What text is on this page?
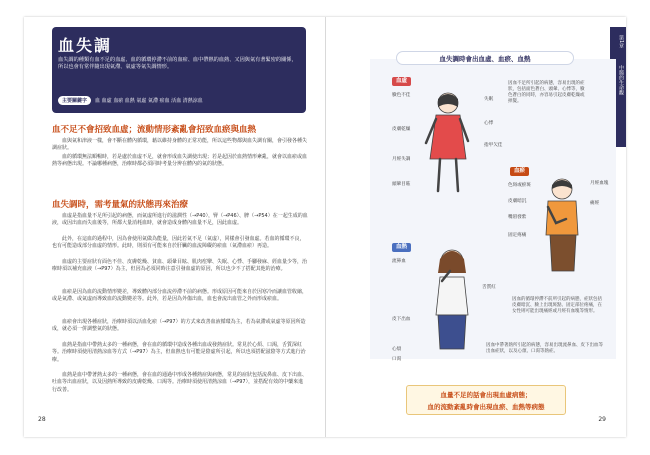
血失調
血失調的種類有血不足的血虛、血的循環停滯不前的血瘀、血中帶熱的血熱、又因與氣有著緊密的關係，所以也會有常伴隨出現氣滯、氣虛等氣失調情形。
主要關鍵字	血 血虛 血瘀 血熱 氣虛 氣滯 瘀血 活血 清熱涼血
血不足不會招致血虛；流動情形紊亂會招致血瘀與血熱
血與氣和津液一樣，會不斷在體內循環，藉以維持身體的正常功能，所以這些物都與血失調有關，會引發各種失調症狀。
血的循環無法順暢時，若是處於血虛不足，就會形成血失調使出現；若是起因於血熱情形紊亂，就會以血瘀或血熱等病態出現。不論哪種病態，治療時都必須同時考量分辨在體內的氣的狀態。
血失調時，需考量氣的狀態再來治療
血虛是指血量不足所引起的病態，而氣虛所進行的滋潤性（→P40），腎（→P46）、脾（→P54）在一起生成的血液，或因出血而失血後等，所都大量消耗血時，就會造成身體內血量不足，因此血虛。
此外，在這血的過程中，因為會使用氣做為能量，因此若氣不足（氣虛），同樣會引發血虛。若血的循環不良，也有可能造成部分血虛的情形。此時，則須有可能來自於肝臟的血流障礙的瘀血（氣滯血瘀）再造。
血虛的主要症狀有面色不佳、皮膚乾燥、貧血、頭暈目眩、肌肉痙攣、失眠、心悸、手腳發麻、經血量少等，治療時須以補充血液（→P97）為主，但因為必須同時注意引發血虛的原因，所以也少不了搭配其他的治療。
血瘀是因為血的流動情形變差，導致體內部分血流停滯不前的病態。形成原因可能來自於因寒冷而讓血管收縮，或是氣滯、或氣虛而導致血的流動變差等。此外，若是因為外傷出血，血也會流出血管之外而形成瘀血。
血瘀會出現各種症狀，治療時須以活血化瘀（→P97）的方式來改善血液循環為主，若為氣滯或氣虛等原因所造成，就必須一併調整氣的狀態。
血熱是指血中帶熱太多的一種病態，會在血的循環中造成各種出血或發熱症狀。常見於心煩、口渴，舌質深紅等。治療時須使用清熱涼血等方式（→P97）為主，但血熱也有可能是陰虛所引起，所以也須搭配滋陰等方式進行治療。
血熱是血中帶著熱太多的一種病態，會在血的通過中形成各種熱症與病態，常見的症狀包括流鼻血、皮下出血、吐血等出血症狀，以及因熱所導致的皮膚乾燥、口渴等。治療時須使用清熱涼血（→P97），並搭配有效的中藥來進行改善。
28
第1章
中醫的生命觀
血失調時會出血虛、血瘀、血熱
血虛
臉色不佳
皮膚乾燥
月經失調
頭暈目眩
失眠
心悸
指甲欠佳
因血不足所引起的病態，容易出現的症狀，包括面色蒼白、頭暈、心悸等，臉色蒼白的同時，亦容易引起皮膚乾燥或掉髮。
血瘀
色斑或瘀斑
皮膚暗沉
嘴唇發紫
固定疼痛
月經血塊
痛經
因血的循環停滯不前所引起的病態，症狀包括皮膚暗沉、臉上出現斑點、固定部位疼痛，在女性則可能出現痛經或月經有血塊等情形。
血熱
流鼻血
舌質紅
皮下出血
心煩
口渴
因血中帶著熱所引起的病態，容易出現流鼻血、皮下出血等出血症狀，以及心煩、口渴等熱症。
血量不足的話會出現血虛病態；
血的流動紊亂時會出現血瘀、血熱等病態
29
